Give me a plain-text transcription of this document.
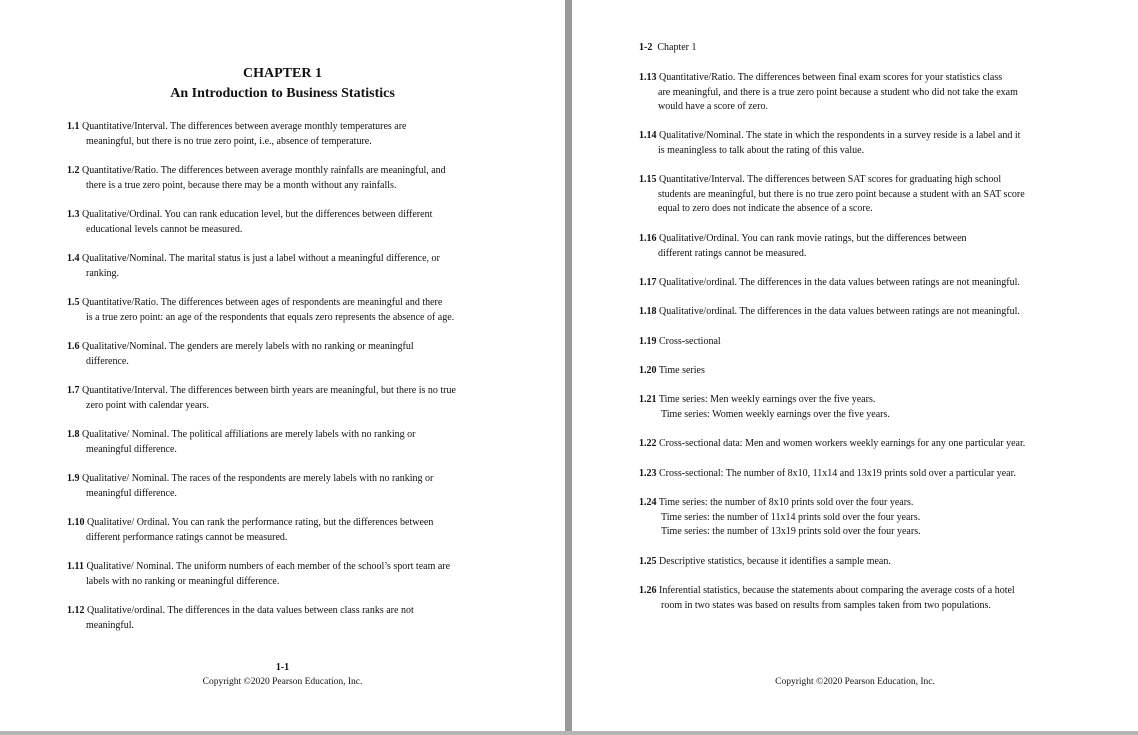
CHAPTER 1
An Introduction to Business Statistics
1.1 Quantitative/Interval. The differences between average monthly temperatures are
meaningful, but there is no true zero point, i.e., absence of temperature.
1.2 Quantitative/Ratio. The differences between average monthly rainfalls are meaningful, and
there is a true zero point, because there may be a month without any rainfalls.
1.3 Qualitative/Ordinal. You can rank education level, but the differences between different
educational levels cannot be measured.
1.4 Qualitative/Nominal. The marital status is just a label without a meaningful difference, or
ranking.
1.5 Quantitative/Ratio. The differences between ages of respondents are meaningful and there
is a true zero point: an age of the respondents that equals zero represents the absence of age.
1.6 Qualitative/Nominal. The genders are merely labels with no ranking or meaningful
difference.
1.7 Quantitative/Interval. The differences between birth years are meaningful, but there is no true
zero point with calendar years.
1.8 Qualitative/ Nominal. The political affiliations are merely labels with no ranking or
meaningful difference.
1.9 Qualitative/ Nominal. The races of the respondents are merely labels with no ranking or
meaningful difference.
1.10 Qualitative/ Ordinal. You can rank the performance rating, but the differences between
different performance ratings cannot be measured.
1.11 Qualitative/ Nominal. The uniform numbers of each member of the school’s sport team are
labels with no ranking or meaningful difference.
1.12 Qualitative/ordinal. The differences in the data values between class ranks are not
meaningful.
1-1
Copyright ©2020 Pearson Education, Inc.
1-2 Chapter 1
1.13 Quantitative/Ratio. The differences between final exam scores for your statistics class
are meaningful, and there is a true zero point because a student who did not take the exam
would have a score of zero.
1.14 Qualitative/Nominal. The state in which the respondents in a survey reside is a label and it
is meaningless to talk about the rating of this value.
1.15 Quantitative/Interval. The differences between SAT scores for graduating high school
students are meaningful, but there is no true zero point because a student with an SAT score
equal to zero does not indicate the absence of a score.
1.16 Qualitative/Ordinal. You can rank movie ratings, but the differences between
different ratings cannot be measured.
1.17 Qualitative/ordinal. The differences in the data values between ratings are not meaningful.
1.18 Qualitative/ordinal. The differences in the data values between ratings are not meaningful.
1.19 Cross-sectional
1.20 Time series
1.21 Time series: Men weekly earnings over the five years.
Time series: Women weekly earnings over the five years.
1.22 Cross-sectional data: Men and women workers weekly earnings for any one particular year.
1.23 Cross-sectional: The number of 8x10, 11x14 and 13x19 prints sold over a particular year.
1.24 Time series: the number of 8x10 prints sold over the four years.
Time series: the number of 11x14 prints sold over the four years.
Time series: the number of 13x19 prints sold over the four years.
1.25 Descriptive statistics, because it identifies a sample mean.
1.26 Inferential statistics, because the statements about comparing the average costs of a hotel
room in two states was based on results from samples taken from two populations.
Copyright ©2020 Pearson Education, Inc.
